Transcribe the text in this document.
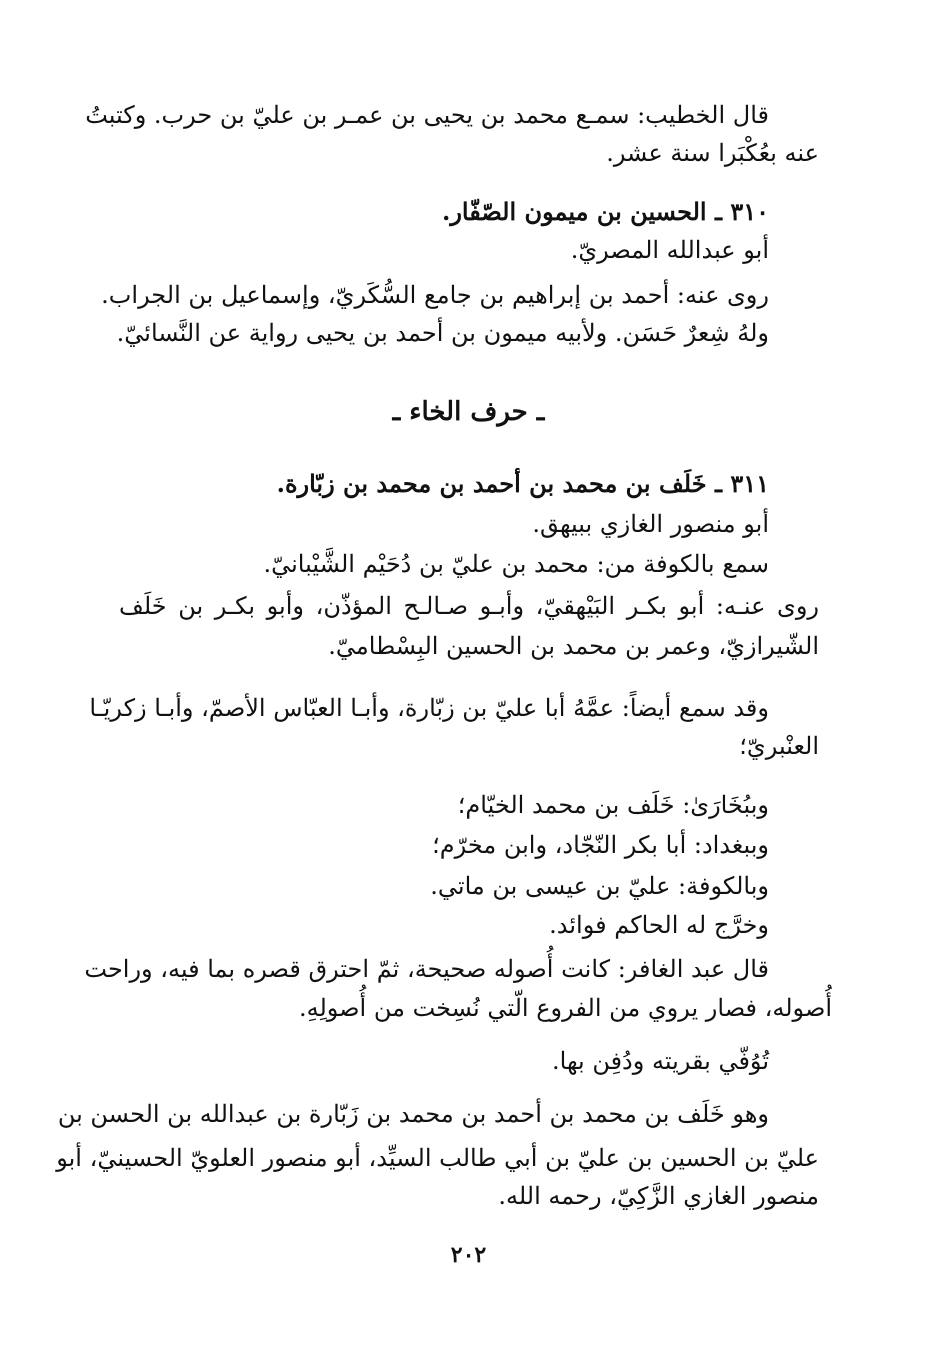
قال الخطيب: سمـع محمد بن يحيى بن عمـر بن عليّ بن حرب. وكتبتُ

عنه بعُكْبَرا سنة عشر.

٣١٠ ـ الحسين بن ميمون الصّفّار.

أبو عبدالله المصريّ.

روى عنه: أحمد بن إبراهيم بن جامع السُّكَريّ، وإسماعيل بن الجراب.

ولهُ شِعرٌ حَسَن. ولأبيه ميمون بن أحمد بن يحيى رواية عن النَّسائيّ.

ـ حرف الخاء ـ

٣١١ ـ خَلَف بن محمد بن أحمد بن محمد بن زبّارة.

أبو منصور الغازي ببيهق.

سمع بالكوفة من: محمد بن عليّ بن دُحَيْم الشَّيْبانيّ.

روى عنـه: أبو بكـر البَيْهقيّ، وأبـو صـالـح المؤذّن، وأبو بكـر بن خَلَف

الشّيرازيّ، وعمر بن محمد بن الحسين البِسْطاميّ.

وقد سمع أيضاً: عمَّهُ أبا عليّ بن زبّارة، وأبـا العبّاس الأصمّ، وأبـا زكريّـا

العنْبريّ؛

وببُخَارَىٰ: خَلَف بن محمد الخيّام؛

وببغداد: أبا بكر النّجّاد، وابن مخرّم؛

وبالكوفة: عليّ بن عيسى بن ماتي.

وخرَّج له الحاكم فوائد.

قال عبد الغافر: كانت أُصوله صحيحة، ثمّ احترق قصره بما فيه، وراحت

أُصوله، فصار يروي من الفروع الّتي نُسِخت من أُصولِهِ.

تُوُفّي بقريته ودُفِن بها.

وهو خَلَف بن محمد بن أحمد بن محمد بن زَبّارة بن عبدالله بن الحسن بن

عليّ بن الحسين بن عليّ بن أبي طالب السيِّد، أبو منصور العلويّ الحسينيّ، أبو

منصور الغازي الزَّكِيّ، رحمه الله.

٢٠٢
